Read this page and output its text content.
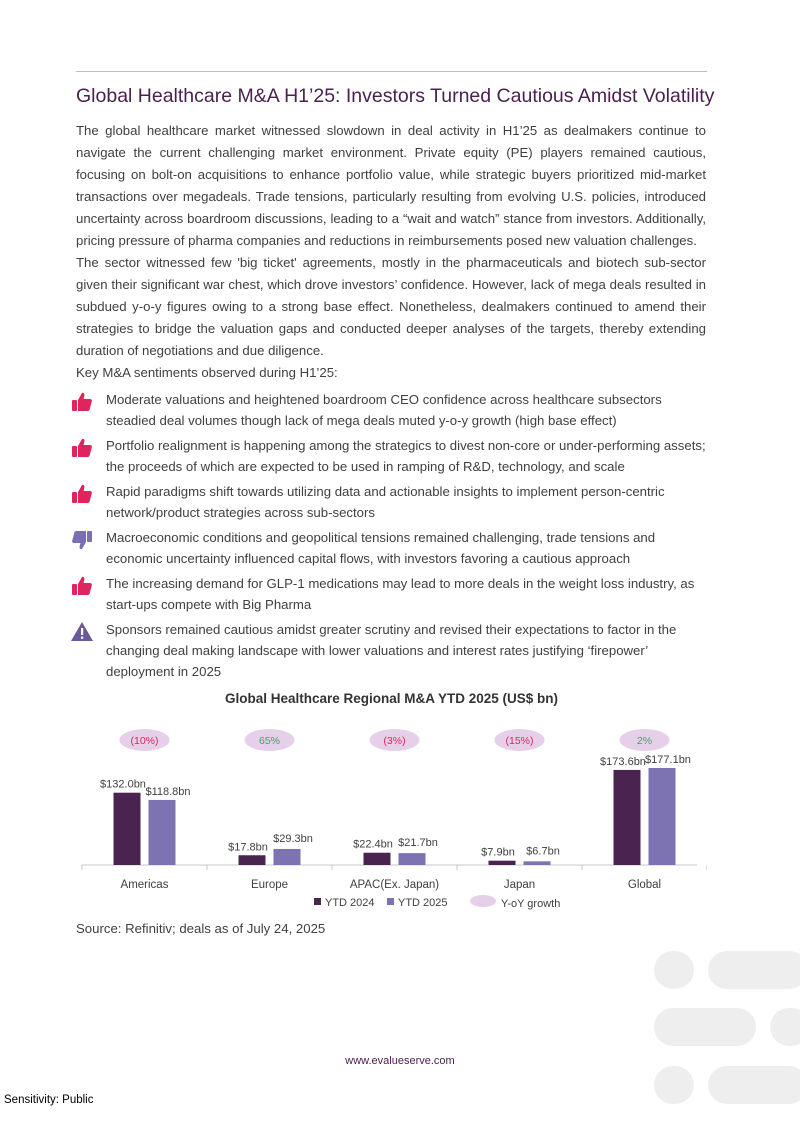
Global Healthcare M&A H1’25: Investors Turned Cautious Amidst Volatility

The global healthcare market witnessed slowdown in deal activity in H1’25 as dealmakers continue to navigate the current challenging market environment. Private equity (PE) players remained cautious, focusing on bolt-on acquisitions to enhance portfolio value, while strategic buyers prioritized mid-market transactions over megadeals. Trade tensions, particularly resulting from evolving U.S. policies, introduced uncertainty across boardroom discussions, leading to a “wait and watch” stance from investors. Additionally, pricing pressure of pharma companies and reductions in reimbursements posed new valuation challenges.

The sector witnessed few 'big ticket' agreements, mostly in the pharmaceuticals and biotech sub-sector given their significant war chest, which drove investors’ confidence. However, lack of mega deals resulted in subdued y-o-y figures owing to a strong base effect. Nonetheless, dealmakers continued to amend their strategies to bridge the valuation gaps and conducted deeper analyses of the targets, thereby extending duration of negotiations and due diligence.

Key M&A sentiments observed during H1’25:

Moderate valuations and heightened boardroom CEO confidence across healthcare subsectors steadied deal volumes though lack of mega deals muted y-o-y growth (high base effect)
Portfolio realignment is happening among the strategics to divest non-core or under-performing assets; the proceeds of which are expected to be used in ramping of R&D, technology, and scale
Rapid paradigms shift towards utilizing data and actionable insights to implement person-centric network/product strategies across sub-sectors
Macroeconomic conditions and geopolitical tensions remained challenging, trade tensions and economic uncertainty influenced capital flows, with investors favoring a cautious approach
The increasing demand for GLP-1 medications may lead to more deals in the weight loss industry, as start-ups compete with Big Pharma
Sponsors remained cautious amidst greater scrutiny and revised their expectations to factor in the changing deal making landscape with lower valuations and interest rates justifying ‘firepower’ deployment in 2025
Global Healthcare Regional M&A YTD 2025 (US$ bn)
(10%)
$132.0bn
$118.8bn
Americas
65%
$17.8bn
$29.3bn
Europe
(3%)
$22.4bn $21.7bn
APAC(Ex. Japan)
(15%)
$7.9bn $6.7bn
Japan
2%
$173.6bn $177.1bn
Global
YTD 2024 YTD 2025	Y-oY growth
Source: Refinitiv; deals as of July 24, 2025
www.evalueserve.com
Sensitivity: Public
